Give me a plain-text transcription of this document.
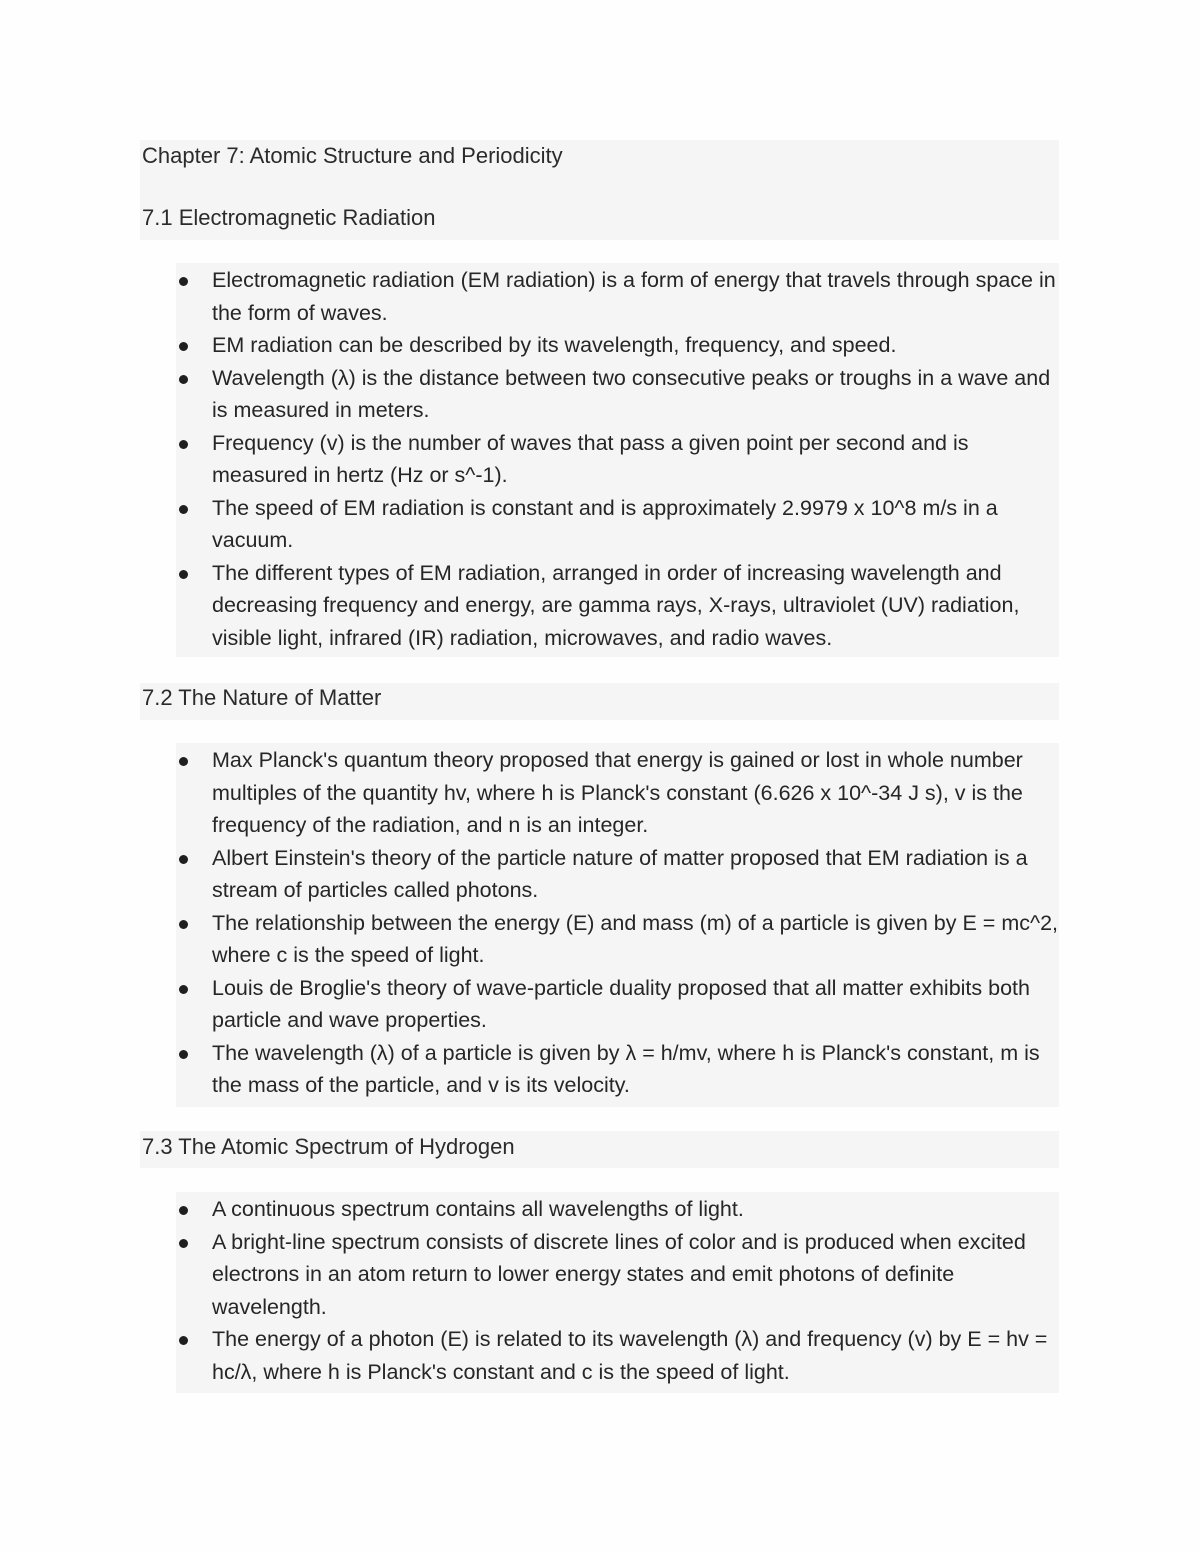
Chapter 7: Atomic Structure and Periodicity
7.1 Electromagnetic Radiation
Electromagnetic radiation (EM radiation) is a form of energy that travels through space in the form of waves.
EM radiation can be described by its wavelength, frequency, and speed.
Wavelength (λ) is the distance between two consecutive peaks or troughs in a wave and is measured in meters.
Frequency (v) is the number of waves that pass a given point per second and is measured in hertz (Hz or s^-1).
The speed of EM radiation is constant and is approximately 2.9979 x 10^8 m/s in a vacuum.
The different types of EM radiation, arranged in order of increasing wavelength and decreasing frequency and energy, are gamma rays, X-rays, ultraviolet (UV) radiation, visible light, infrared (IR) radiation, microwaves, and radio waves.
7.2 The Nature of Matter
Max Planck's quantum theory proposed that energy is gained or lost in whole number multiples of the quantity hv, where h is Planck's constant (6.626 x 10^-34 J s), v is the frequency of the radiation, and n is an integer.
Albert Einstein's theory of the particle nature of matter proposed that EM radiation is a stream of particles called photons.
The relationship between the energy (E) and mass (m) of a particle is given by E = mc^2, where c is the speed of light.
Louis de Broglie's theory of wave-particle duality proposed that all matter exhibits both particle and wave properties.
The wavelength (λ) of a particle is given by λ = h/mv, where h is Planck's constant, m is the mass of the particle, and v is its velocity.
7.3 The Atomic Spectrum of Hydrogen
A continuous spectrum contains all wavelengths of light.
A bright-line spectrum consists of discrete lines of color and is produced when excited electrons in an atom return to lower energy states and emit photons of definite wavelength.
The energy of a photon (E) is related to its wavelength (λ) and frequency (v) by E = hv = hc/λ, where h is Planck's constant and c is the speed of light.
